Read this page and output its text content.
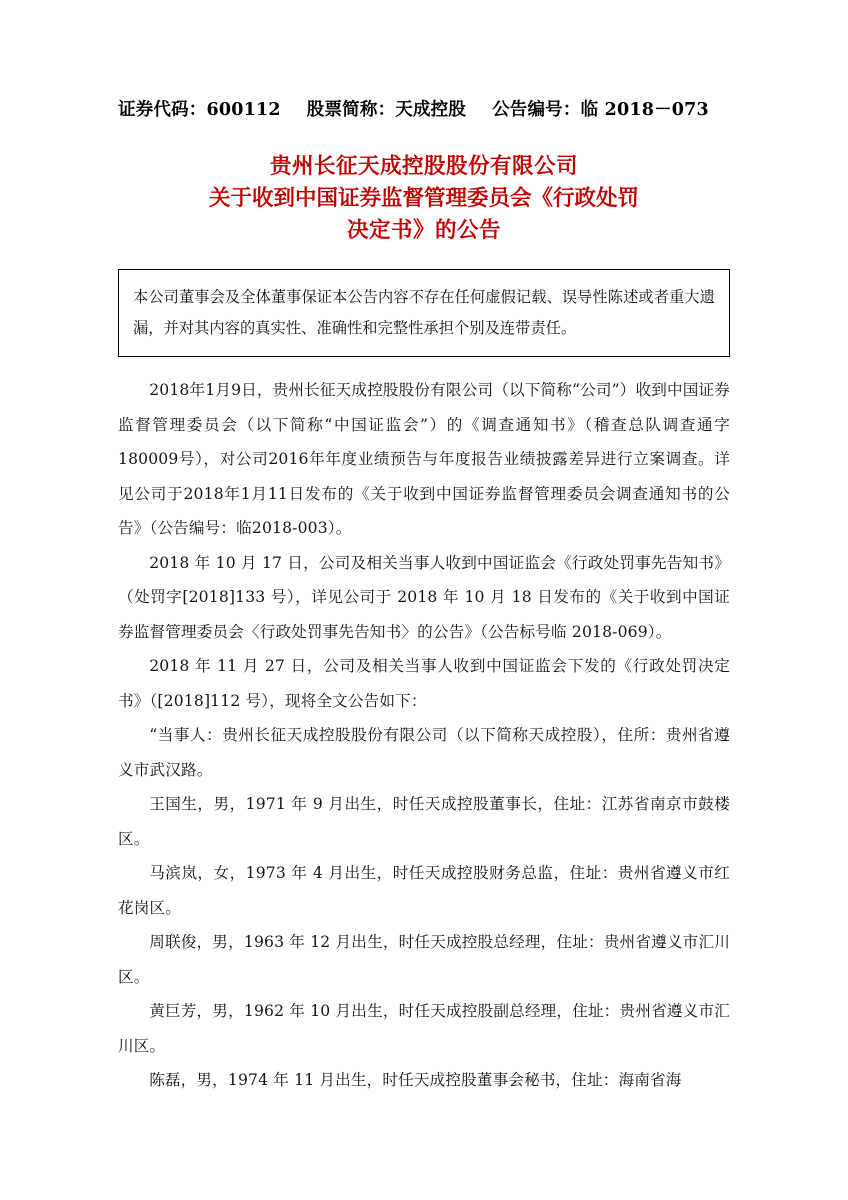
证券代码：600112 股票简称：天成控股 公告编号：临 2018－073
贵州长征天成控股股份有限公司
关于收到中国证券监督管理委员会《行政处罚
决定书》的公告
本公司董事会及全体董事保证本公告内容不存在任何虚假记载、误导性陈述或者重大遗漏，并对其内容的真实性、准确性和完整性承担个别及连带责任。

2018年1月9日，贵州长征天成控股股份有限公司（以下简称“公司”）收到中国证券监督管理委员会（以下简称“中国证监会”）的《调查通知书》（稽查总队调查通字180009号），对公司2016年年度业绩预告与年度报告业绩披露差异进行立案调查。详见公司于2018年1月11日发布的《关于收到中国证券监督管理委员会调查通知书的公告》（公告编号：临2018-003）。

2018 年 10 月 17 日，公司及相关当事人收到中国证监会《行政处罚事先告知书》（处罚字[2018]133 号），详见公司于 2018 年 10 月 18 日发布的《关于收到中国证券监督管理委员会〈行政处罚事先告知书〉的公告》（公告标号临 2018-069）。

2018 年 11 月 27 日，公司及相关当事人收到中国证监会下发的《行政处罚决定书》（[2018]112 号），现将全文公告如下：

“当事人：贵州长征天成控股股份有限公司（以下简称天成控股），住所：贵州省遵义市武汉路。

王国生，男，1971 年 9 月出生，时任天成控股董事长，住址：江苏省南京市鼓楼区。

马滨岚，女，1973 年 4 月出生，时任天成控股财务总监，住址：贵州省遵义市红花岗区。

周联俊，男，1963 年 12 月出生，时任天成控股总经理，住址：贵州省遵义市汇川区。

黄巨芳，男，1962 年 10 月出生，时任天成控股副总经理，住址：贵州省遵义市汇川区。

陈磊，男，1974 年 11 月出生，时任天成控股董事会秘书，住址：海南省海
